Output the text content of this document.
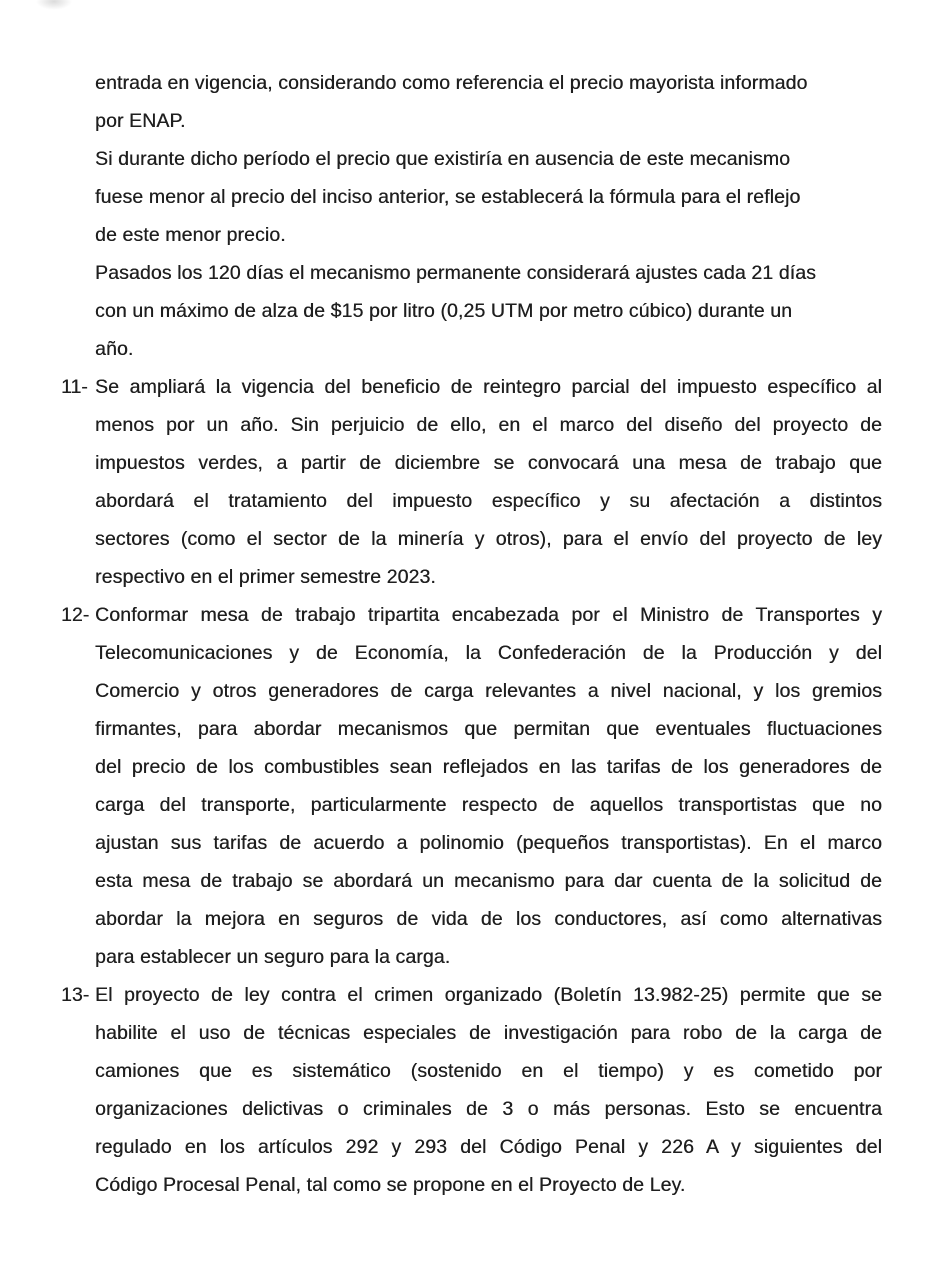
entrada en vigencia, considerando como referencia el precio mayorista informado
por ENAP.
Si durante dicho período el precio que existiría en ausencia de este mecanismo
fuese menor al precio del inciso anterior, se establecerá la fórmula para el reflejo
de este menor precio.
Pasados los 120 días el mecanismo permanente considerará ajustes cada 21 días
con un máximo de alza de $15 por litro (0,25 UTM por metro cúbico) durante un
año.
11- Se ampliará la vigencia del beneficio de reintegro parcial del impuesto específico al
menos por un año. Sin perjuicio de ello, en el marco del diseño del proyecto de
impuestos verdes, a partir de diciembre se convocará una mesa de trabajo que
abordará el tratamiento del impuesto específico y su afectación a distintos
sectores (como el sector de la minería y otros), para el envío del proyecto de ley
respectivo en el primer semestre 2023.
12- Conformar mesa de trabajo tripartita encabezada por el Ministro de Transportes y
Telecomunicaciones y de Economía, la Confederación de la Producción y del
Comercio y otros generadores de carga relevantes a nivel nacional, y los gremios
firmantes, para abordar mecanismos que permitan que eventuales fluctuaciones
del precio de los combustibles sean reflejados en las tarifas de los generadores de
carga del transporte, particularmente respecto de aquellos transportistas que no
ajustan sus tarifas de acuerdo a polinomio (pequeños transportistas). En el marco
esta mesa de trabajo se abordará un mecanismo para dar cuenta de la solicitud de
abordar la mejora en seguros de vida de los conductores, así como alternativas
para establecer un seguro para la carga.
13- El proyecto de ley contra el crimen organizado (Boletín 13.982-25) permite que se
habilite el uso de técnicas especiales de investigación para robo de la carga de
camiones que es sistemático (sostenido en el tiempo) y es cometido por
organizaciones delictivas o criminales de 3 o más personas. Esto se encuentra
regulado en los artículos 292 y 293 del Código Penal y 226 A y siguientes del
Código Procesal Penal, tal como se propone en el Proyecto de Ley.
